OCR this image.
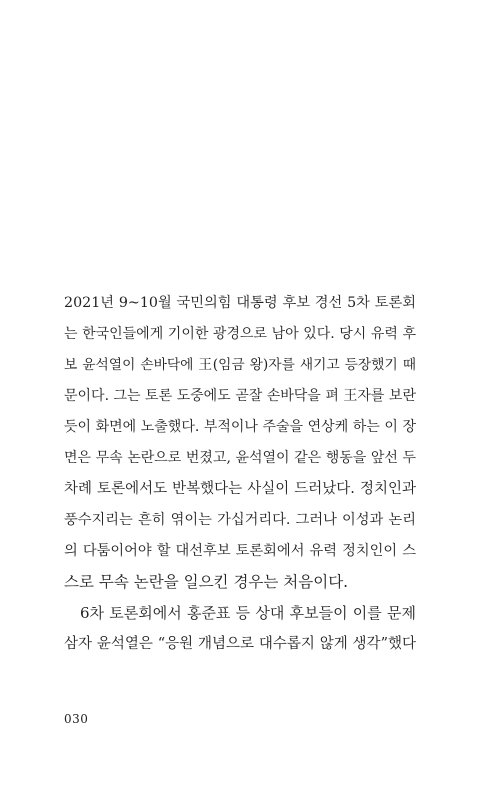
2021년 9~10월 국민의힘 대통령 후보 경선 5차 토론회
는 한국인들에게 기이한 광경으로 남아 있다. 당시 유력 후
보 윤석열이 손바닥에 王(임금 왕)자를 새기고 등장했기 때
문이다. 그는 토론 도중에도 곧잘 손바닥을 펴 王자를 보란
듯이 화면에 노출했다. 부적이나 주술을 연상케 하는 이 장
면은 무속 논란으로 번졌고, 윤석열이 같은 행동을 앞선 두
차례 토론에서도 반복했다는 사실이 드러났다. 정치인과
풍수지리는 흔히 엮이는 가십거리다. 그러나 이성과 논리
의 다툼이어야 할 대선후보 토론회에서 유력 정치인이 스
스로 무속 논란을 일으킨 경우는 처음이다.
6차 토론회에서 홍준표 등 상대 후보들이 이를 문제
삼자 윤석열은 “응원 개념으로 대수롭지 않게 생각”했다
030
